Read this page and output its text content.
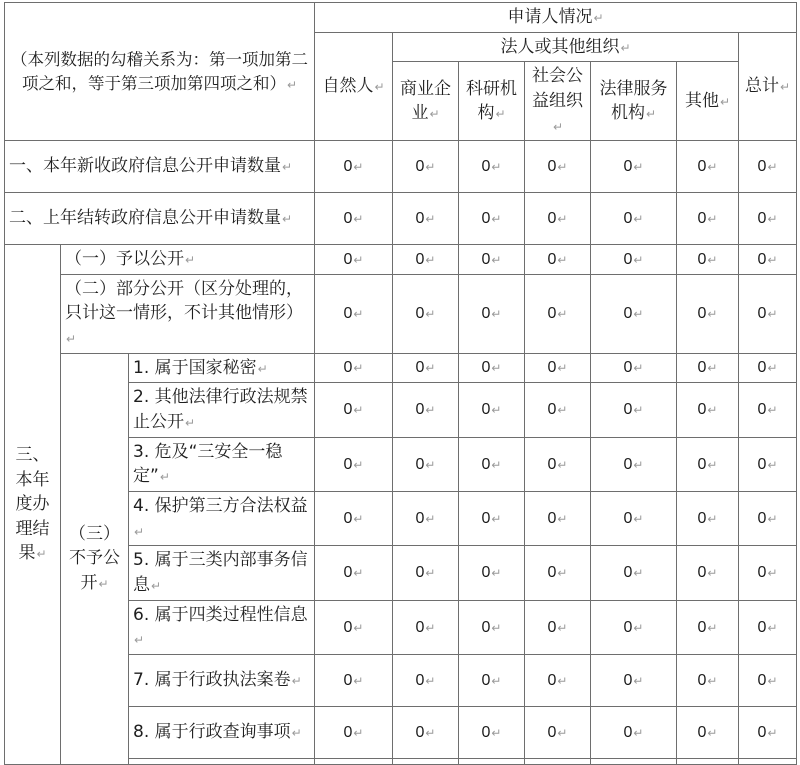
（本列数据的勾稽关系为：第一项加第二项之和，等于第三项加第四项之和）↵			申请人情况↵						
			自然人↵	法人或其他组织↵					总计↵
				商业企业↵	科研机构↵	社会公益组织↵	法律服务机构↵	其他↵	
一、本年新收政府信息公开申请数量↵			0↵	0↵	0↵	0↵	0↵	0↵	0↵
二、上年结转政府信息公开申请数量↵			0↵	0↵	0↵	0↵	0↵	0↵	0↵
三、本年度办理结果↵	（一）予以公开↵		0↵	0↵	0↵	0↵	0↵	0↵	0↵
	（二）部分公开（区分处理的，只计这一情形，不计其他情形）↵		0↵	0↵	0↵	0↵	0↵	0↵	0↵
	（三）不予公开↵	1. 属于国家秘密↵	0↵	0↵	0↵	0↵	0↵	0↵	0↵
		2. 其他法律行政法规禁止公开↵	0↵	0↵	0↵	0↵	0↵	0↵	0↵
		3. 危及“三安全一稳定”↵	0↵	0↵	0↵	0↵	0↵	0↵	0↵
		4. 保护第三方合法权益↵	0↵	0↵	0↵	0↵	0↵	0↵	0↵
		5. 属于三类内部事务信息↵	0↵	0↵	0↵	0↵	0↵	0↵	0↵
		6. 属于四类过程性信息↵	0↵	0↵	0↵	0↵	0↵	0↵	0↵
		7. 属于行政执法案卷↵	0↵	0↵	0↵	0↵	0↵	0↵	0↵
		8. 属于行政查询事项↵	0↵	0↵	0↵	0↵	0↵	0↵	0↵
